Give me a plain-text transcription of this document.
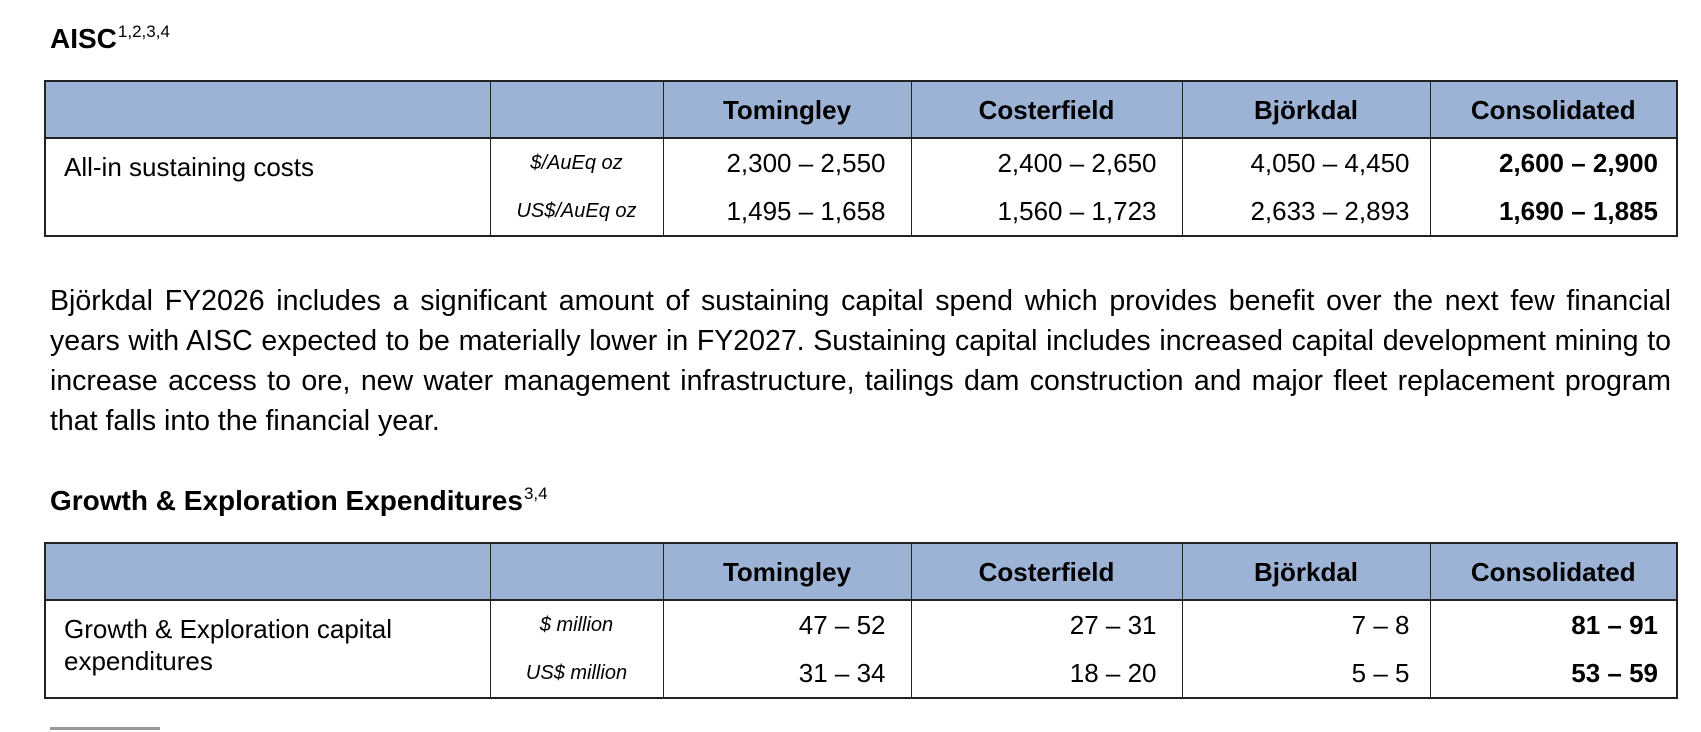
AISC$^{1,2,3,4}$
		Tomingley	Costerfield	Björkdal	Consolidated
All-in sustaining costs	$/AuEq oz	2,300 – 2,550	2,400 – 2,650	4,050 – 4,450	2,600 – 2,900
	US$/AuEq oz	1,495 – 1,658	1,560 – 1,723	2,633 – 2,893	1,690 – 1,885

Björkdal FY2026 includes a significant amount of sustaining capital spend which provides benefit over the next few financial years with AISC expected to be materially lower in FY2027. Sustaining capital includes increased capital development mining to increase access to ore, new water management infrastructure, tailings dam construction and major fleet replacement program that falls into the financial year.

Growth & Exploration Expenditures$^{3,4}$
		Tomingley	Costerfield	Björkdal	Consolidated
Growth & Exploration capital expenditures	$ million	47 – 52	27 – 31	7 – 8	81 – 91
	US$ million	31 – 34	18 – 20	5 – 5	53 – 59
